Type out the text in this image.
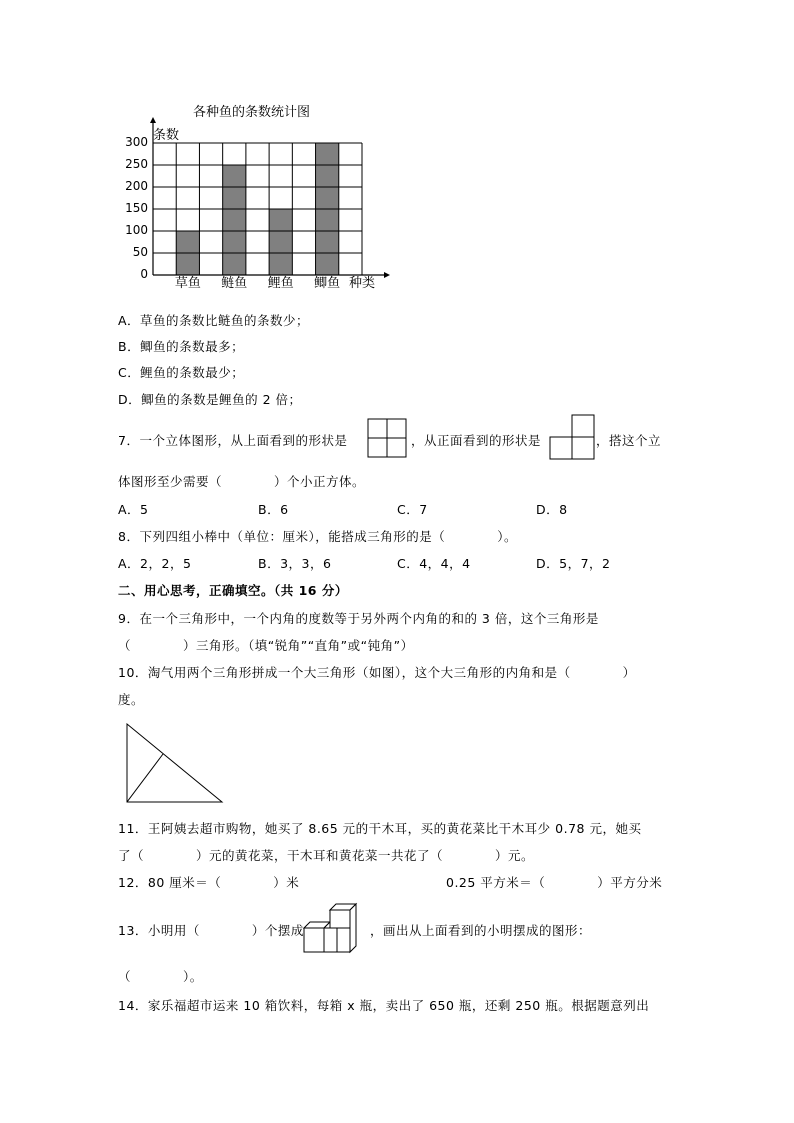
各种鱼的条数统计图
条数
300
250
200
150
100
50
0
种类
草鱼	鲢鱼	鲤鱼	鲫鱼
A．草鱼的条数比鲢鱼的条数少；
B．鲫鱼的条数最多；
C．鲤鱼的条数最少；
D．鲫鱼的条数是鲤鱼的 2 倍；
7．一个立体图形，从上面看到的形状是	，从正面看到的形状是	，搭这个立
体图形至少需要（　　　　）个小正方体。
A．5	B．6	C．7	D．8
8．下列四组小棒中（单位：厘米），能搭成三角形的是（　　　　）。
A．2，2，5	B．3，3，6	C．4，4，4	D．5，7，2
二、用心思考，正确填空。（共 16 分）
9．在一个三角形中，一个内角的度数等于另外两个内角的和的 3 倍，这个三角形是
（　　　　）三角形。（填“锐角”“直角”或“钝角”）
10．淘气用两个三角形拼成一个大三角形（如图），这个大三角形的内角和是（　　　　）
度。
11．王阿姨去超市购物，她买了 8.65 元的干木耳，买的黄花菜比干木耳少 0.78 元，她买
了（　　　　）元的黄花菜，干木耳和黄花菜一共花了（　　　　）元。
12．80 厘米＝（　　　　）米	0.25 平方米＝（　　　　）平方分米
13．小明用（　　　　）个摆成	，画出从上面看到的小明摆成的图形：
（　　　　）。
14．家乐福超市运来 10 箱饮料，每箱 x 瓶，卖出了 650 瓶，还剩 250 瓶。根据题意列出
